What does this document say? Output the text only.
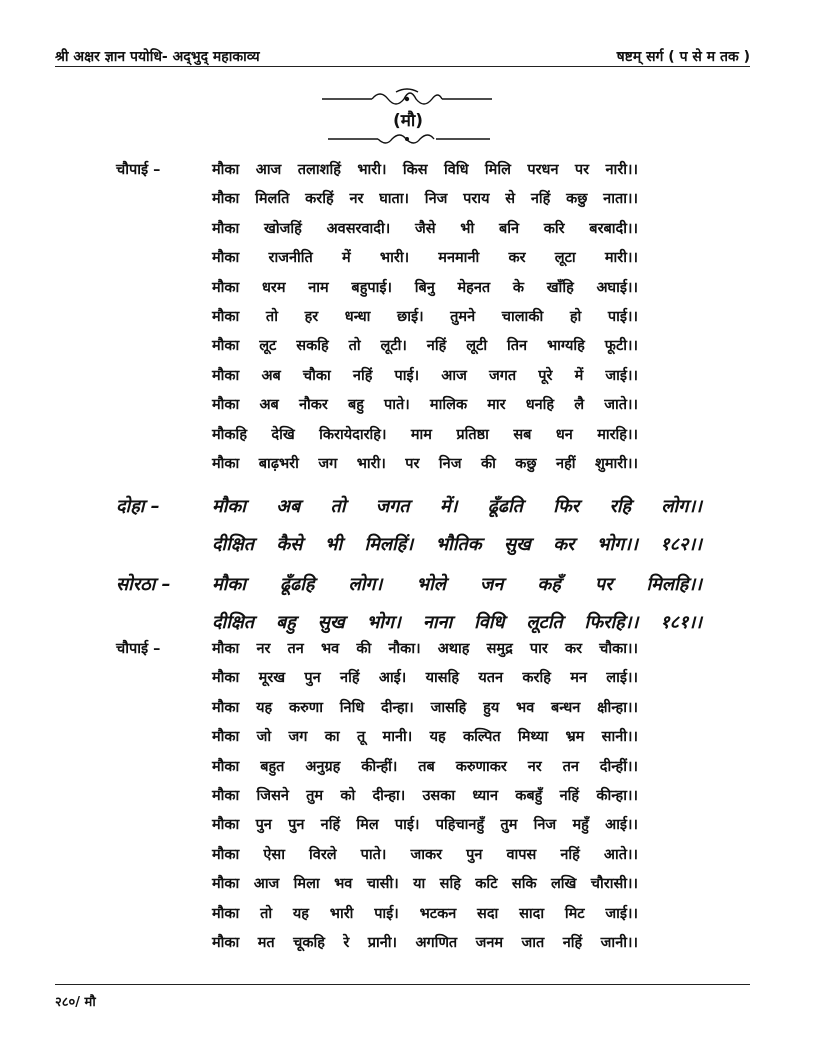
श्री अक्षर ज्ञान पयोधि- अद्‌भुद्‌ महाकाव्य	षष्टम्‌ सर्ग ( प से म तक )
(मौ)
चौपाई –	मौका आज तलाशहिं भारी। किस विधि मिलि परधन पर नारी।।
मौका मिलति करहिं नर घाता। निज पराय से नहिं कछु नाता।।
मौका खोजहिं अवसरवादी। जैसे भी बनि करि बरबादी।।
मौका राजनीति में भारी। मनमानी कर लूटा मारी।।
मौका धरम नाम बहुपाई। बिनु मेहनत के खाँहि अघाई।।
मौका तो हर धन्धा छाई। तुमने चालाकी हो पाई।।
मौका लूट सकहि तो लूटी। नहिं लूटी तिन भाग्यहि फूटी।।
मौका अब चौका नहिं पाई। आज जगत पूरे में जाई।।
मौका अब नौकर बहु पाते। मालिक मार धनहि लै जाते।।
मौकहि देखि किरायेदारहि। माम प्रतिष्ठा सब धन मारहि।।
मौका बाढ़भरी जग भारी। पर निज की कछु नहीं शुमारी।।
दोहा –	मौका अब तो जगत में। ढूँढति फिर रहि लोग।।
दीक्षित कैसे भी मिलहिं। भौतिक सुख कर भोग।। १८२।।
सोरठा – मौका ढूँढहि लोग। भोले जन कहँ पर मिलहि।।
दीक्षित बहु सुख भोग। नाना विधि लूटति फिरहि।। १८१।।
चौपाई –	मौका नर तन भव की नौका। अथाह समुद्र पार कर चौका।।
मौका मूरख पुन नहिं आई। यासहि यतन करहि मन लाई।।
मौका यह करुणा निधि दीन्हा। जासहि हुय भव बन्धन क्षीन्हा।।
मौका जो जग का तू मानी। यह कल्पित मिथ्या भ्रम सानी।।
मौका बहुत अनुग्रह कीन्हीं। तब करुणाकर नर तन दीन्हीं।।
मौका जिसने तुम को दीन्हा। उसका ध्यान कबहुँ नहिं कीन्हा।।
मौका पुन पुन नहिं मिल पाई। पहिचानहुँ तुम निज महुँ आई।।
मौका ऐसा विरले पाते। जाकर पुन वापस नहिं आते।।
मौका आज मिला भव चासी। या सहि कटि सकि लखि चौरासी।।
मौका तो यह भारी पाई। भटकन सदा सादा मिट जाई।।
मौका मत चूकहि रे प्रानी। अगणित जनम जात नहिं जानी।।
२८०/ मौ
